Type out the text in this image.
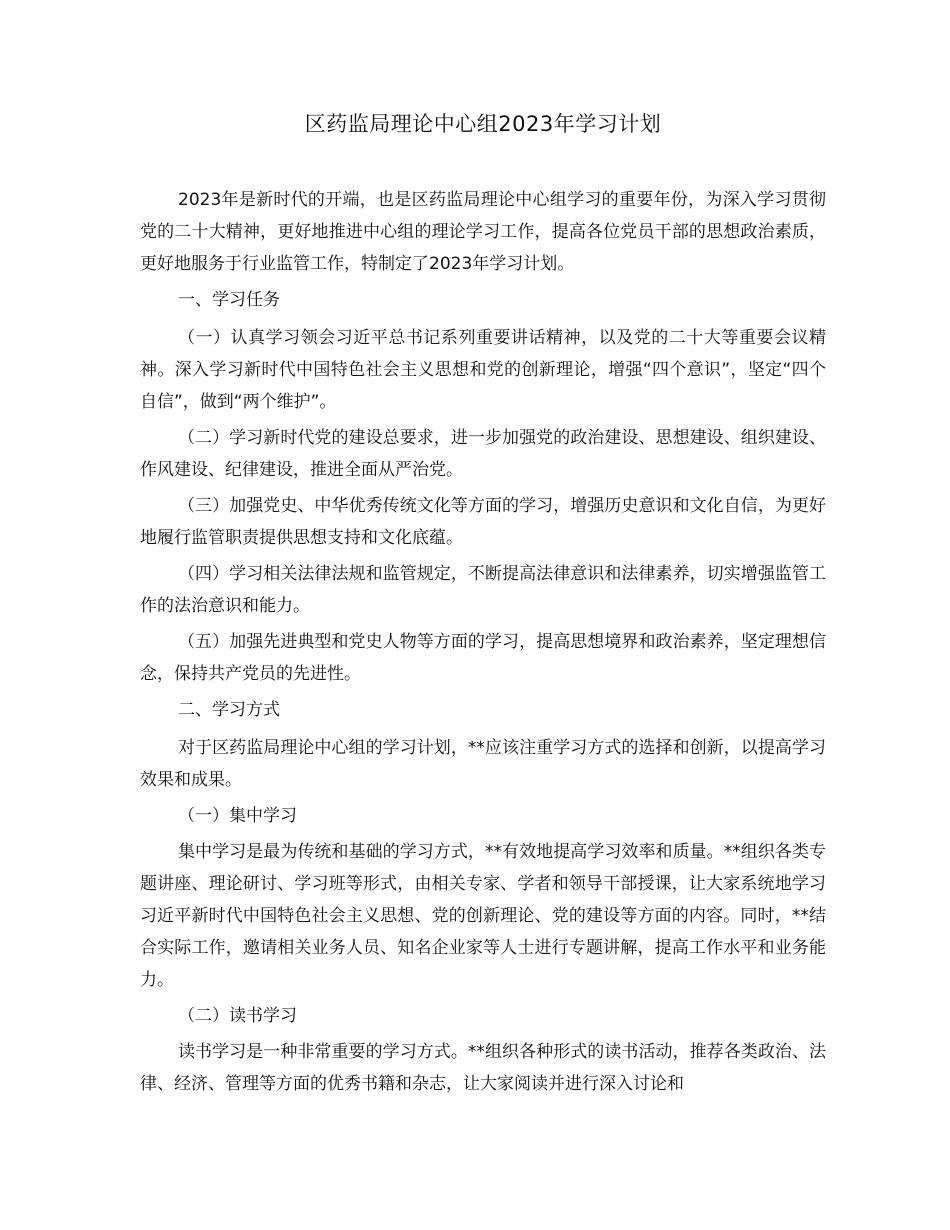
区药监局理论中心组2023年学习计划

2023年是新时代的开端，也是区药监局理论中心组学习的重要年份，为深入学习贯彻党的二十大精神，更好地推进中心组的理论学习工作，提高各位党员干部的思想政治素质，更好地服务于行业监管工作，特制定了2023年学习计划。

一、学习任务

（一）认真学习领会习近平总书记系列重要讲话精神，以及党的二十大等重要会议精神。深入学习新时代中国特色社会主义思想和党的创新理论，增强“四个意识”，坚定“四个自信”，做到“两个维护”。

（二）学习新时代党的建设总要求，进一步加强党的政治建设、思想建设、组织建设、作风建设、纪律建设，推进全面从严治党。

（三）加强党史、中华优秀传统文化等方面的学习，增强历史意识和文化自信，为更好地履行监管职责提供思想支持和文化底蕴。

（四）学习相关法律法规和监管规定，不断提高法律意识和法律素养，切实增强监管工作的法治意识和能力。

（五）加强先进典型和党史人物等方面的学习，提高思想境界和政治素养，坚定理想信念，保持共产党员的先进性。

二、学习方式

对于区药监局理论中心组的学习计划，**应该注重学习方式的选择和创新，以提高学习效果和成果。

（一）集中学习

集中学习是最为传统和基础的学习方式，**有效地提高学习效率和质量。**组织各类专题讲座、理论研讨、学习班等形式，由相关专家、学者和领导干部授课，让大家系统地学习习近平新时代中国特色社会主义思想、党的创新理论、党的建设等方面的内容。同时，**结合实际工作，邀请相关业务人员、知名企业家等人士进行专题讲解，提高工作水平和业务能力。

（二）读书学习

读书学习是一种非常重要的学习方式。**组织各种形式的读书活动，推荐各类政治、法律、经济、管理等方面的优秀书籍和杂志，让大家阅读并进行深入讨论和
